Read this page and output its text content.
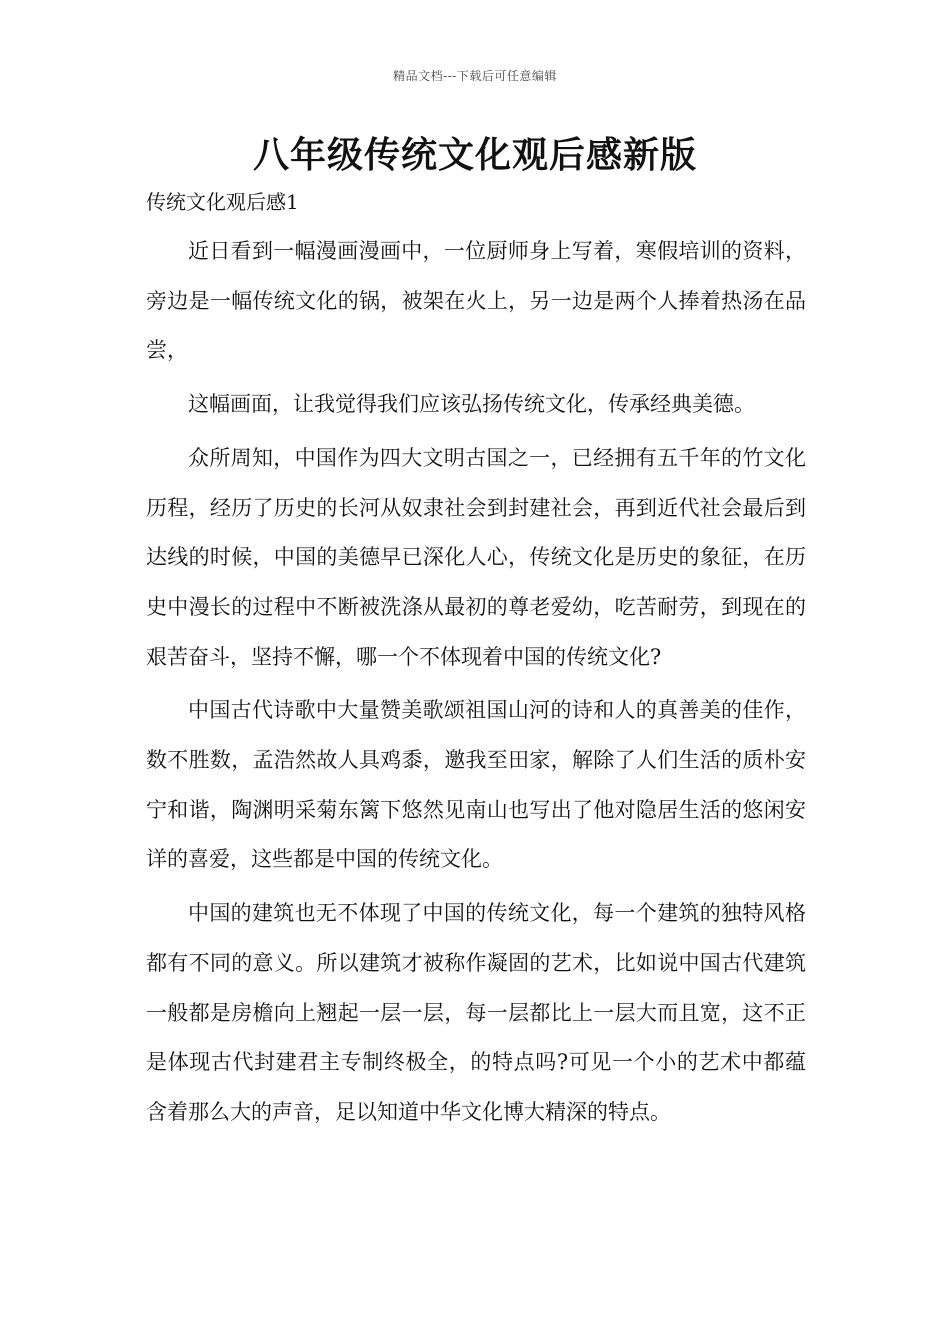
精品文档---下载后可任意编辑
八年级传统文化观后感新版
传统文化观后感1

近日看到一幅漫画漫画中，一位厨师身上写着，寒假培训的资料，旁边是一幅传统文化的锅，被架在火上，另一边是两个人捧着热汤在品尝，

这幅画面，让我觉得我们应该弘扬传统文化，传承经典美德。

众所周知，中国作为四大文明古国之一，已经拥有五千年的竹文化历程，经历了历史的长河从奴隶社会到封建社会，再到近代社会最后到达线的时候，中国的美德早已深化人心，传统文化是历史的象征，在历史中漫长的过程中不断被洗涤从最初的尊老爱幼，吃苦耐劳，到现在的艰苦奋斗，坚持不懈，哪一个不体现着中国的传统文化?

中国古代诗歌中大量赞美歌颂祖国山河的诗和人的真善美的佳作，数不胜数，孟浩然故人具鸡黍，邀我至田家，解除了人们生活的质朴安宁和谐，陶渊明采菊东篱下悠然见南山也写出了他对隐居生活的悠闲安详的喜爱，这些都是中国的传统文化。

中国的建筑也无不体现了中国的传统文化，每一个建筑的独特风格都有不同的意义。所以建筑才被称作凝固的艺术，比如说中国古代建筑一般都是房檐向上翘起一层一层，每一层都比上一层大而且宽，这不正是体现古代封建君主专制终极全，的特点吗?可见一个小的艺术中都蕴含着那么大的声音，足以知道中华文化博大精深的特点。
